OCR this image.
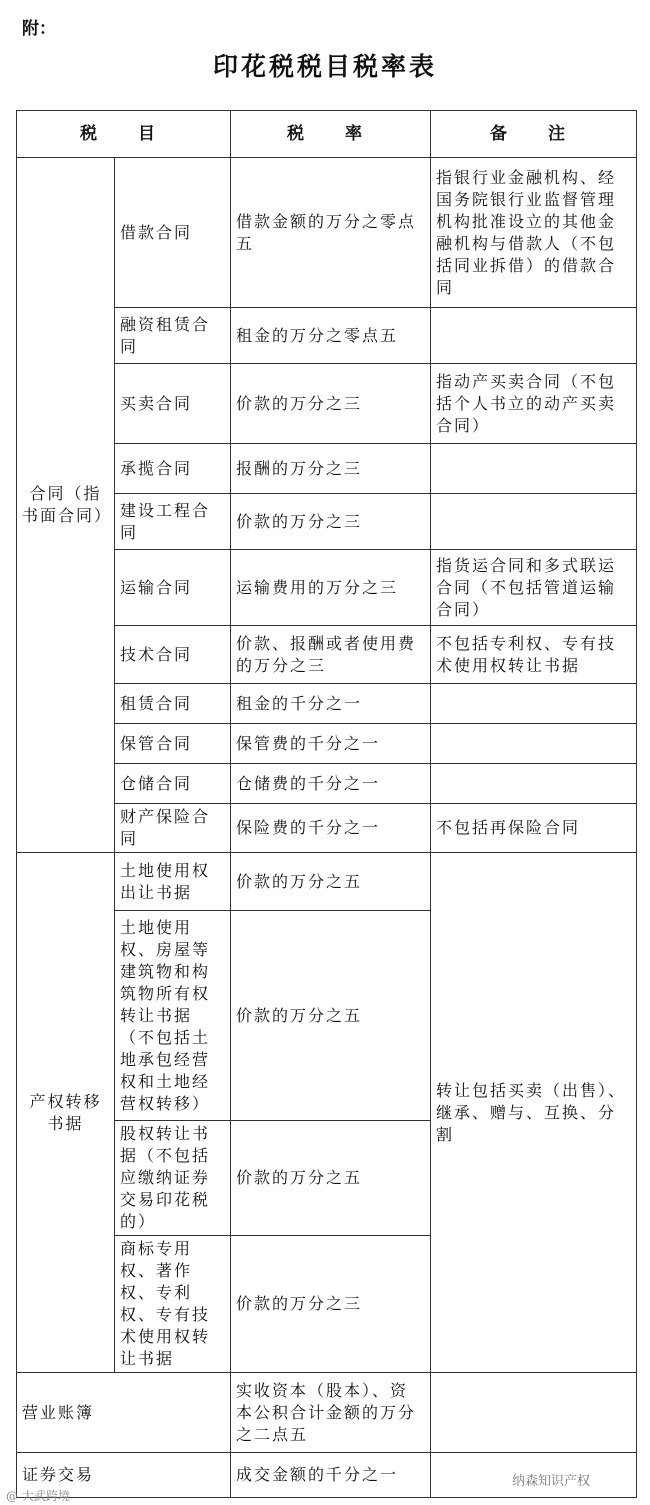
附：
印花税税目税率表
税　目		税　率	备　注
合同（指书面合同）	借款合同	借款金额的万分之零点五	指银行业金融机构、经国务院银行业监督管理机构批准设立的其他金融机构与借款人（不包括同业拆借）的借款合同
	融资租赁合同	租金的万分之零点五	
	买卖合同	价款的万分之三	指动产买卖合同（不包括个人书立的动产买卖合同）
	承揽合同	报酬的万分之三	
	建设工程合同	价款的万分之三	
	运输合同	运输费用的万分之三	指货运合同和多式联运合同（不包括管道运输合同）
	技术合同	价款、报酬或者使用费的万分之三	不包括专利权、专有技术使用权转让书据
	租赁合同	租金的千分之一	
	保管合同	保管费的千分之一	
	仓储合同	仓储费的千分之一	
	财产保险合同	保险费的千分之一	不包括再保险合同
产权转移书据	土地使用权出让书据	价款的万分之五	转让包括买卖（出售）、继承、赠与、互换、分割
	土地使用权、房屋等建筑物和构筑物所有权转让书据（不包括土地承包经营权和土地经营权转移）	价款的万分之五	
	股权转让书据（不包括应缴纳证券交易印花税的）	价款的万分之五	
	商标专用权、著作权、专利权、专有技术使用权转让书据	价款的万分之三	
营业账簿		实收资本（股本）、资本公积合计金额的万分之二点五	
证券交易		成交金额的千分之一	
@ 大武跨境
纳森知识产权
